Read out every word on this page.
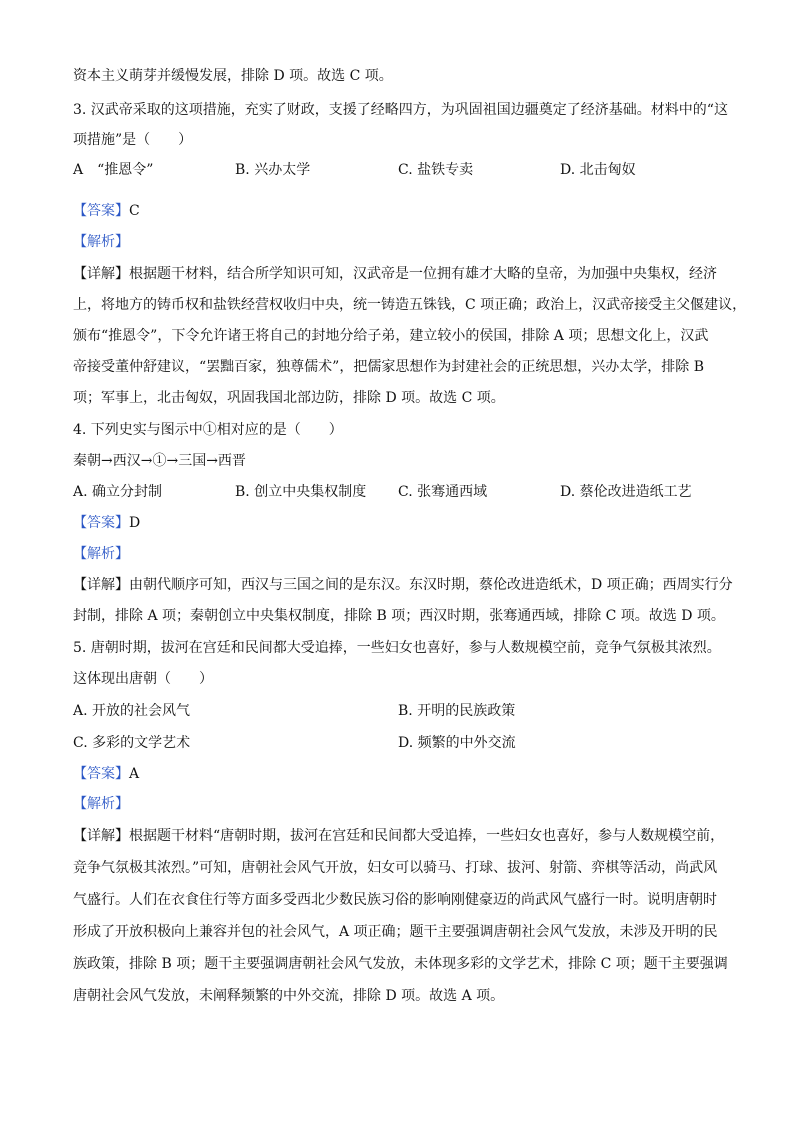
资本主义萌芽并缓慢发展，排除 D 项。故选 C 项。
3. 汉武帝采取的这项措施，充实了财政，支援了经略四方，为巩固祖国边疆奠定了经济基础。材料中的“这
项措施”是（　　）
A　“推恩令”	B. 兴办太学	C. 盐铁专卖	D. 北击匈奴
【答案】C
【解析】
【详解】根据题干材料，结合所学知识可知，汉武帝是一位拥有雄才大略的皇帝，为加强中央集权，经济
上，将地方的铸币权和盐铁经营权收归中央，统一铸造五铢钱，C 项正确；政治上，汉武帝接受主父偃建议，
颁布“推恩令”，下令允许诸王将自己的封地分给子弟，建立较小的侯国，排除 A 项；思想文化上，汉武
帝接受董仲舒建议，“罢黜百家，独尊儒术”，把儒家思想作为封建社会的正统思想，兴办太学，排除 B
项；军事上，北击匈奴，巩固我国北部边防，排除 D 项。故选 C 项。
4. 下列史实与图示中①相对应的是（　　）
秦朝→西汉→①→三国→西晋
A. 确立分封制	B. 创立中央集权制度 C. 张骞通西域	D. 蔡伦改进造纸工艺
【答案】D
【解析】
【详解】由朝代顺序可知，西汉与三国之间的是东汉。东汉时期，蔡伦改进造纸术，D 项正确；西周实行分
封制，排除 A 项；秦朝创立中央集权制度，排除 B 项；西汉时期，张骞通西域，排除 C 项。故选 D 项。
5. 唐朝时期，拔河在宫廷和民间都大受追捧，一些妇女也喜好，参与人数规模空前，竞争气氛极其浓烈。
这体现出唐朝（　　）
A. 开放的社会风气	B. 开明的民族政策
C. 多彩的文学艺术	D. 频繁的中外交流
【答案】A
【解析】
【详解】根据题干材料“唐朝时期，拔河在宫廷和民间都大受追捧，一些妇女也喜好，参与人数规模空前，
竞争气氛极其浓烈。”可知，唐朝社会风气开放，妇女可以骑马、打球、拔河、射箭、弈棋等活动，尚武风
气盛行。人们在衣食住行等方面多受西北少数民族习俗的影响刚健豪迈的尚武风气盛行一时。说明唐朝时
形成了开放积极向上兼容并包的社会风气，A 项正确；题干主要强调唐朝社会风气发放，未涉及开明的民
族政策，排除 B 项；题干主要强调唐朝社会风气发放，未体现多彩的文学艺术，排除 C 项；题干主要强调
唐朝社会风气发放，未阐释频繁的中外交流，排除 D 项。故选 A 项。
